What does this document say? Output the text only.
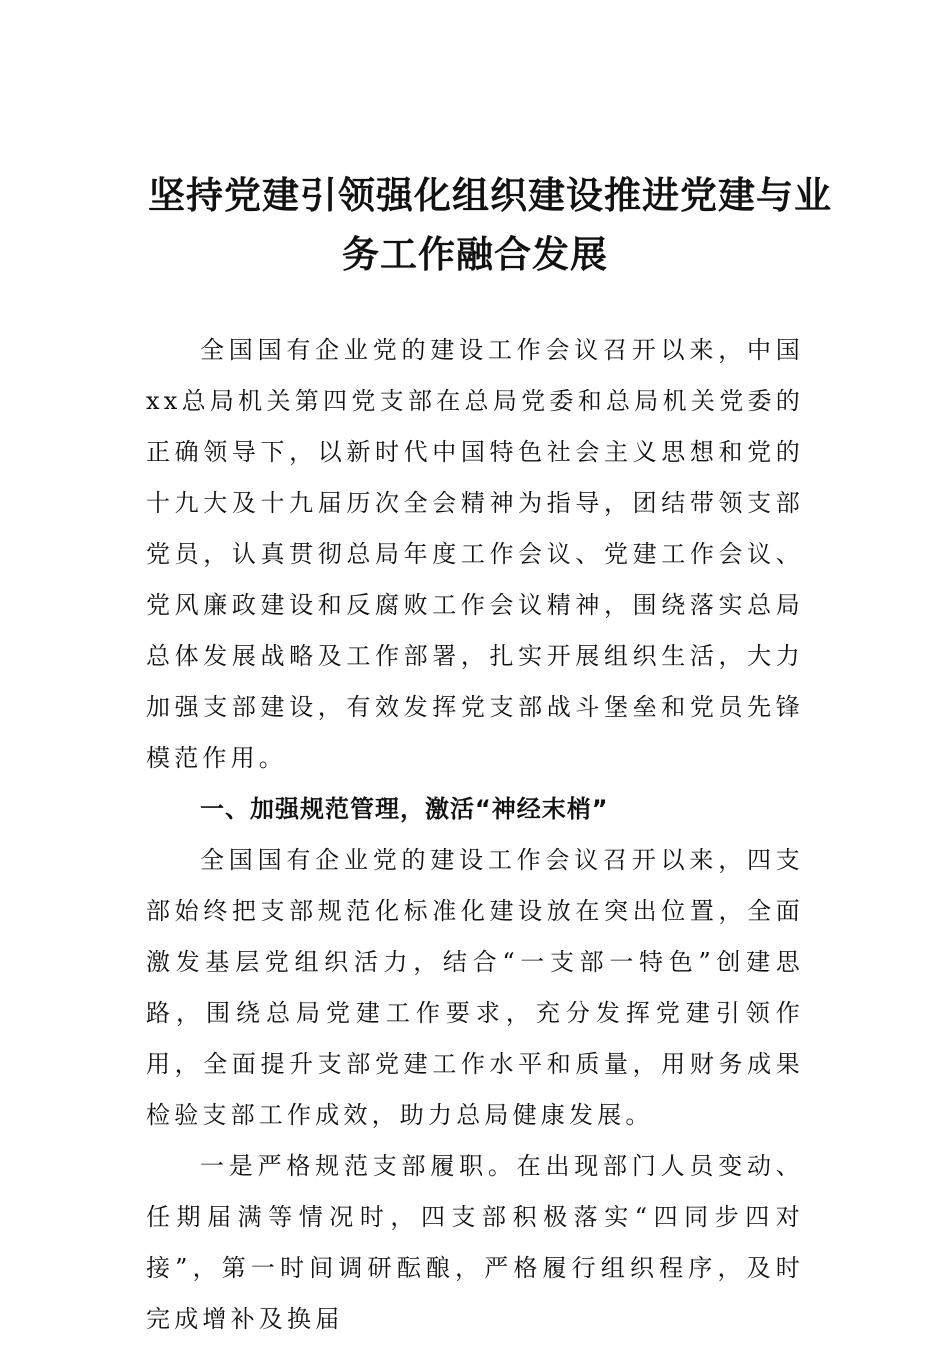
坚持党建引领强化组织建设推进党建与业
务工作融合发展

全国国有企业党的建设工作会议召开以来，中国xx总局机关第四党支部在总局党委和总局机关党委的正确领导下，以新时代中国特色社会主义思想和党的十九大及十九届历次全会精神为指导，团结带领支部党员，认真贯彻总局年度工作会议、党建工作会议、党风廉政建设和反腐败工作会议精神，围绕落实总局总体发展战略及工作部署，扎实开展组织生活，大力加强支部建设，有效发挥党支部战斗堡垒和党员先锋模范作用。

一、加强规范管理，激活“神经末梢”

全国国有企业党的建设工作会议召开以来，四支部始终把支部规范化标准化建设放在突出位置，全面激发基层党组织活力，结合“一支部一特色”创建思路，围绕总局党建工作要求，充分发挥党建引领作用，全面提升支部党建工作水平和质量，用财务成果检验支部工作成效，助力总局健康发展。

一是严格规范支部履职。在出现部门人员变动、任期届满等情况时，四支部积极落实“四同步四对接”，第一时间调研酝酿，严格履行组织程序，及时完成增补及换届
